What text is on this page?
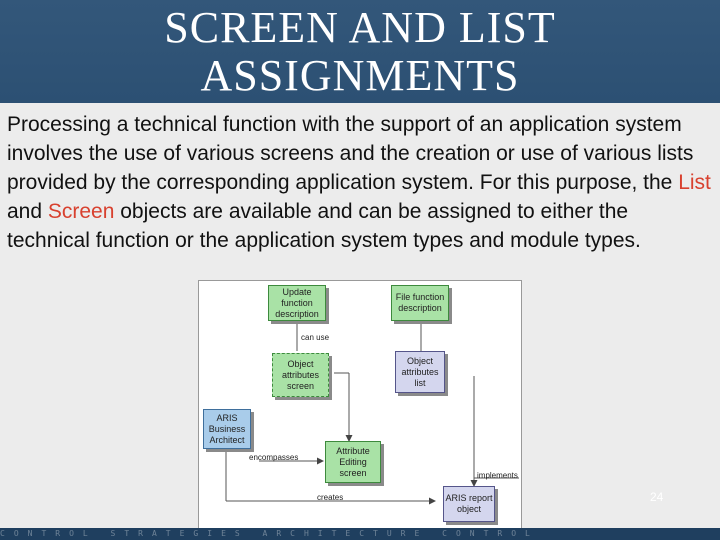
SCREEN AND LIST
ASSIGNMENTS
Processing a technical function with the support of an application system involves the use of various screens and the creation or use of various lists provided by the corresponding application system. For this purpose, the List and Screen objects are available and can be assigned to either the technical function or the application system types and module types.
Update function description
File function description
can use
Object attributes screen
Object attributes list
ARIS Business Architect
encompasses
Attribute Editing screen	implements
creates	ARIS report object
24
CONTROL STRATEGIES ARCHITECTURE CONTROL
